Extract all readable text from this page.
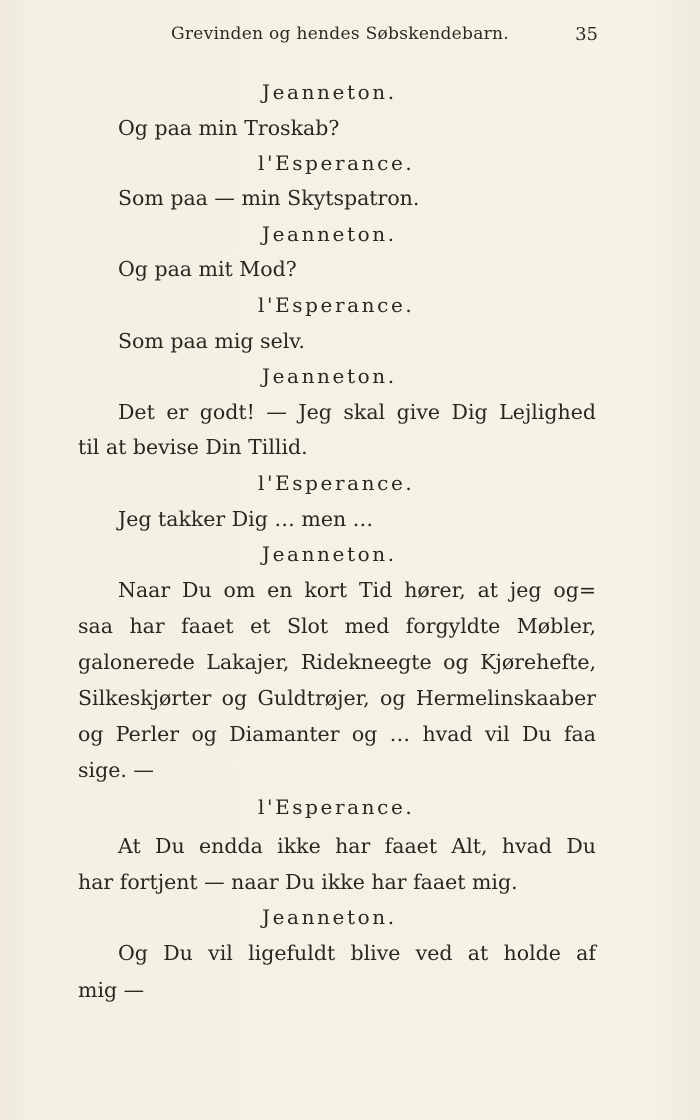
Grevinden og hendes Søbskendebarn.	35
Jeanneton.
Og paa min Troskab?
l'Esperance.
Som paa — min Skytspatron.
Jeanneton.
Og paa mit Mod?
l'Esperance.
Som paa mig selv.
Jeanneton.
Det er godt! — Jeg skal give Dig Lejlighed
til at bevise Din Tillid.
l'Esperance.
Jeg takker Dig … men …
Jeanneton.
Naar Du om en kort Tid hører, at jeg og=
saa har faaet et Slot med forgyldte Møbler,
galonerede Lakajer, Ridekneegte og Kjørehefte,
Silkeskjørter og Guldtrøjer, og Hermelinskaaber
og Perler og Diamanter og … hvad vil Du faa
sige. —
l'Esperance.
At Du endda ikke har faaet Alt, hvad Du
har fortjent — naar Du ikke har faaet mig.
Jeanneton.
Og Du vil ligefuldt blive ved at holde af
mig —
